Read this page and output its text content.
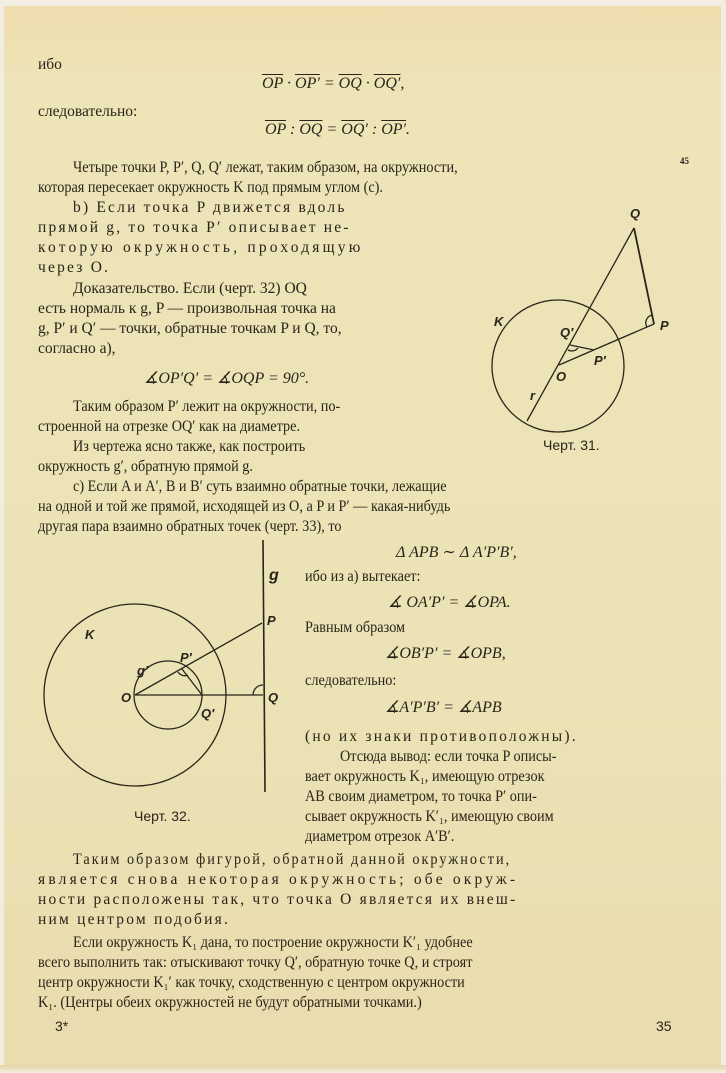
ибо
$\overline{OP} \cdot OP' = \overline{OQ} \cdot OQ'$,
следовательно:
$\overline{OP}$ : $\overline{OQ} = \overline{OQ}'$ : OP′.
Четыре точки P, P′, Q, Q′ лежат, таким образом, на окружности,	45
которая пересекает окружность K под прямым углом (c).
b) Если точка P движется вдоль
прямой g, то точка P′ описывает не-
которую окружность, проходящую
через O.
Доказательство. Если (черт. 32) OQ
есть нормаль к g, P — произвольная точка на
g, P′ и Q′ — точки, обратные точкам P и Q, то,
согласно a),
∡OP′Q′ = ∡OQP = 90°.
Таким образом P′ лежит на окружности, по-
строенной на отрезке OQ′ как на диаметре.
Из чертежа ясно также, как построить
окружность g′, обратную прямой g.
Q
K
Q′	P
P′
O
r
Черт. 31.
c) Если A и A′, B и B′ суть взаимно обратные точки, лежащие
на одной и той же прямой, исходящей из O, а P и P′ — какая-нибудь
другая пара взаимно обратных точек (черт. 33), то
Δ APB ∼ Δ A′P′B′,
g
P
K
g′
P′
O
Q′
Q
Черт. 32.
ибо из a) вытекает:
∡ OA′P′ = ∡OPA.
Равным образом
∡OB′P′ = ∡OPB,
следовательно:
∡A′P′B′ = ∡APB
(но их знаки противоположны).
Отсюда вывод: если точка P описы-
вает окружность K₁, имеющую отрезок
AB своим диаметром, то точка P′ опи-
сывает окружность K′₁, имеющую своим
диаметром отрезок A′B′.
Таким образом фигурой, обратной данной окружности,
является снова некоторая окружность; обе окруж-
ности расположены так, что точка O является их внеш-
ним центром подобия.
Если окружность K₁ дана, то построение окружности K′₁ удобнее
всего выполнить так: отыскивают точку Q′, обратную точке Q, и строят
центр окружности K₁′ как точку, сходственную с центром окружности
K₁. (Центры обеих окружностей не будут обратными точками.)
3*	35
